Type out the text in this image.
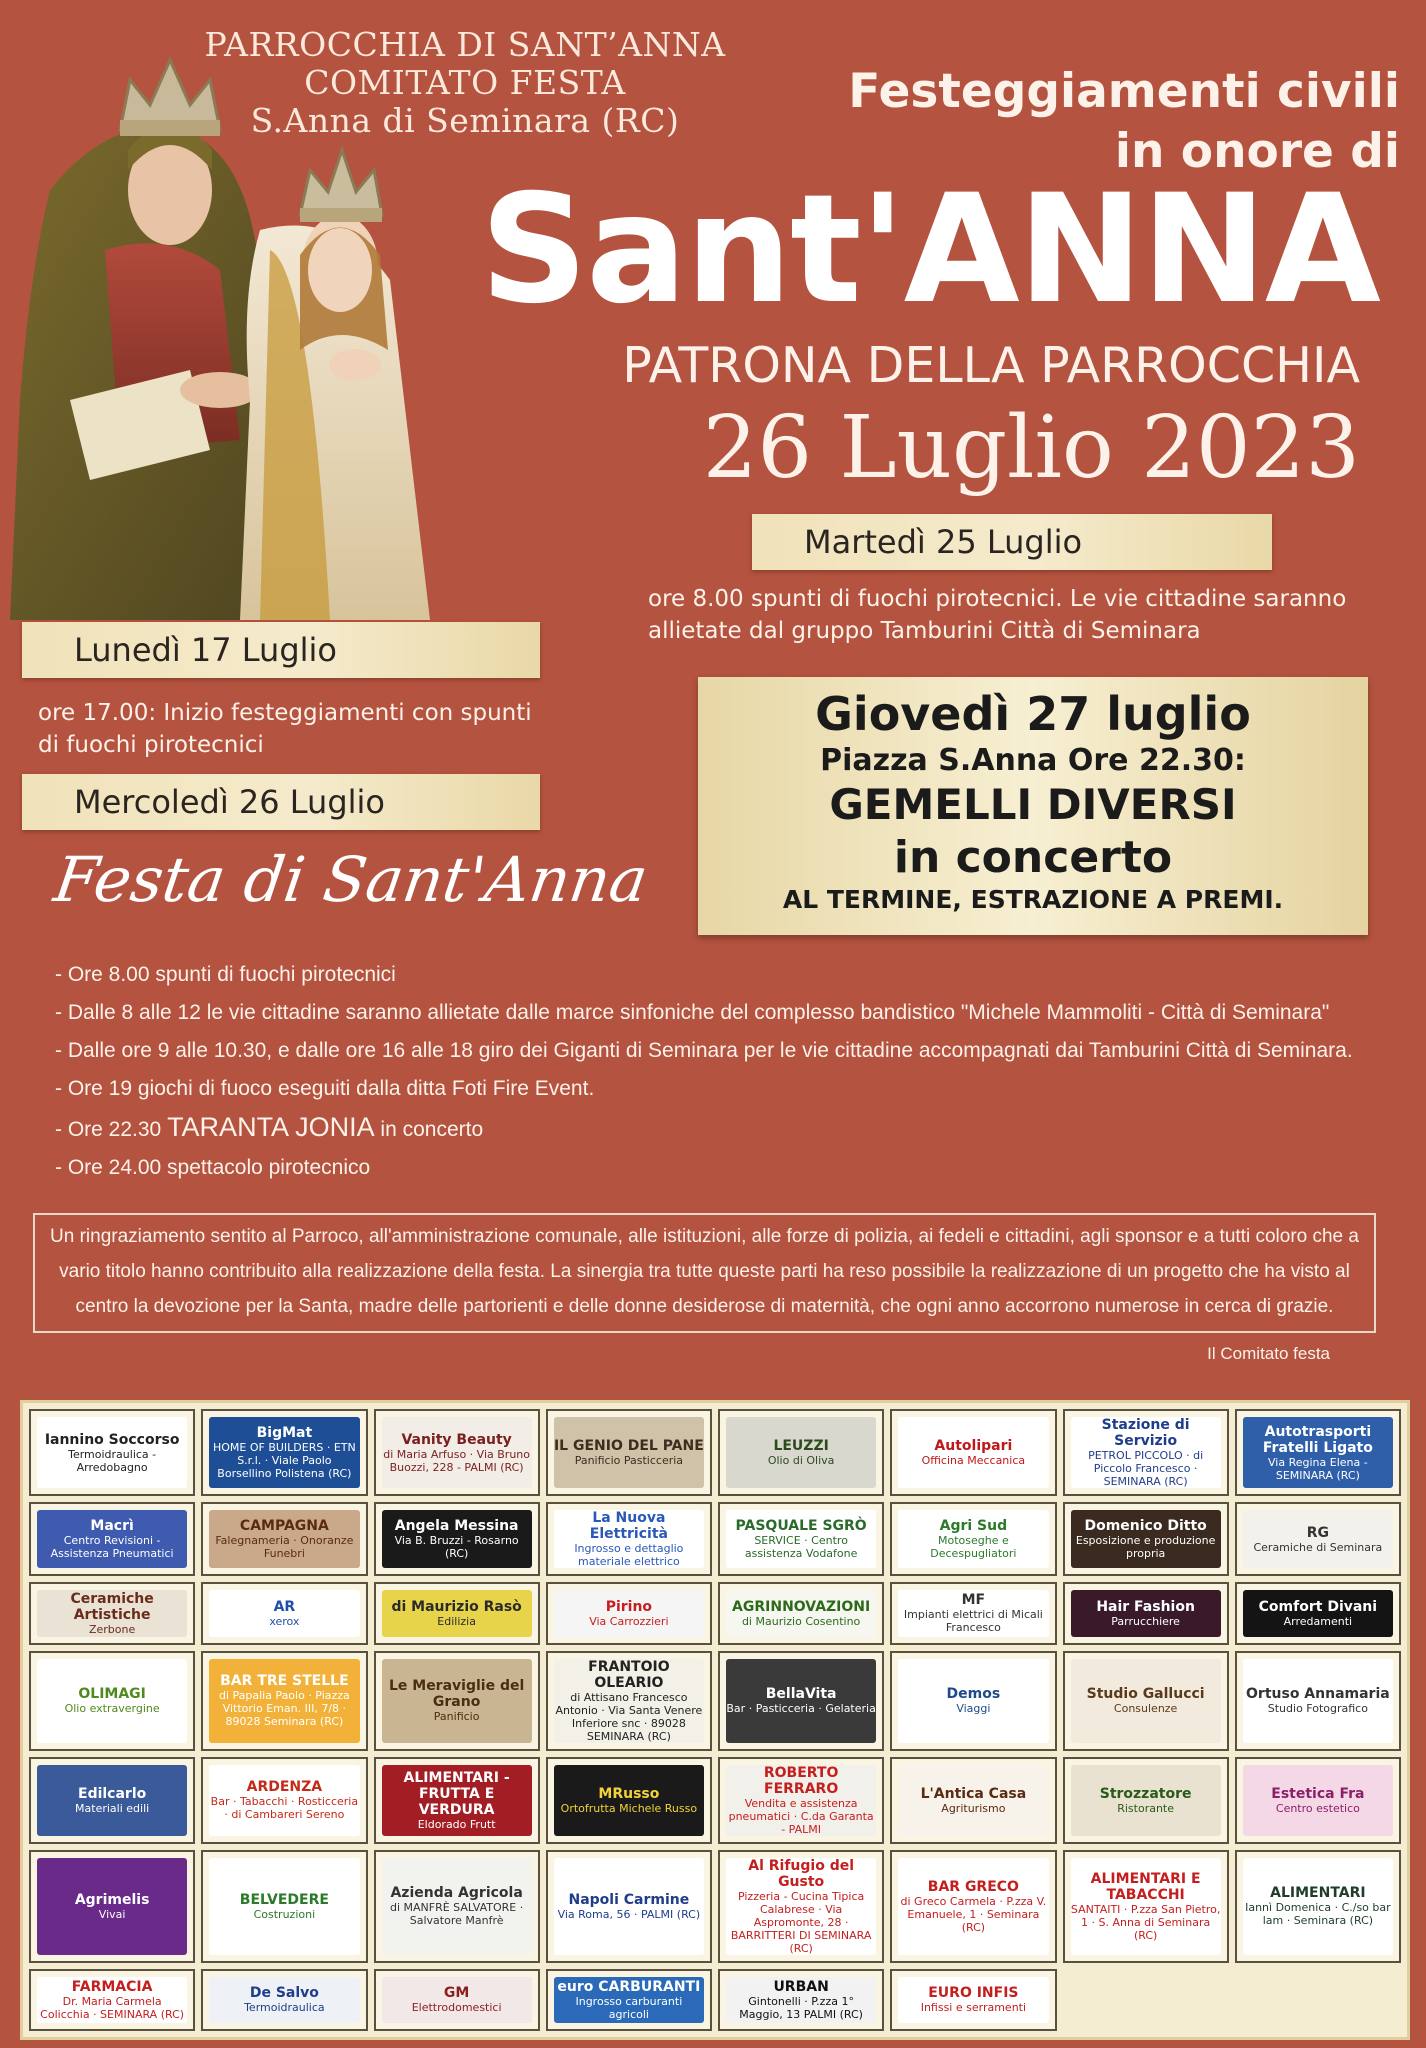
PARROCCHIA DI SANT’ANNA
COMITATO FESTA
S.Anna di Seminara (RC)
Festeggiamenti civili
in onore di
Sant'ANNA
PATRONA DELLA PARROCCHIA
26 Luglio 2023
Martedì 25 Luglio
ore 8.00 spunti di fuochi pirotecnici. Le vie cittadine saranno allietate dal gruppo Tamburini Città di Seminara
Lunedì 17 Luglio
ore 17.00: Inizio festeggiamenti con spunti di fuochi pirotecnici
Mercoledì 26 Luglio
Giovedì 27 luglio
Piazza S.Anna Ore 22.30:
GEMELLI DIVERSI
in concerto
AL TERMINE, ESTRAZIONE A PREMI.
Festa di Sant'Anna
- Ore 8.00 spunti di fuochi pirotecnici
- Dalle 8 alle 12 le vie cittadine saranno allietate dalle marce sinfoniche del complesso bandistico "Michele Mammoliti - Città di Seminara"
- Dalle ore 9 alle 10.30, e dalle ore 16 alle 18 giro dei Giganti di Seminara per le vie cittadine accompagnati dai Tamburini Città di Seminara.
- Ore 19 giochi di fuoco eseguiti dalla ditta Foti Fire Event.
- Ore 22.30 TARANTA JONIA in concerto
- Ore 24.00 spettacolo pirotecnico
Un ringraziamento sentito al Parroco, all'amministrazione comunale, alle istituzioni, alle forze di polizia, ai fedeli e cittadini, agli sponsor e a tutti coloro che a vario titolo hanno contribuito alla realizzazione della festa. La sinergia tra tutte queste parti ha reso possibile la realizzazione di un progetto che ha visto al centro la devozione per la Santa, madre delle partorienti e delle donne desiderose di maternità, che ogni anno accorrono numerose in cerca di grazie.
Il Comitato festa
Iannino Soccorso
Termoidraulica - Arredobagno
BigMat
HOME OF BUILDERS · ETN S.r.l. · Viale Paolo Borsellino Polistena (RC)
Vanity Beauty
di Maria Arfuso · Via Bruno Buozzi, 228 - PALMI (RC)
IL GENIO DEL PANE
Panificio Pasticceria
LEUZZI
Olio di Oliva
Autolipari
Officina Meccanica
Stazione di Servizio
PETROL PICCOLO · di Piccolo Francesco · SEMINARA (RC)
Autotrasporti Fratelli Ligato
Via Regina Elena - SEMINARA (RC)
Macrì
Centro Revisioni - Assistenza Pneumatici
CAMPAGNA
Falegnameria · Onoranze Funebri
Angela Messina
Via B. Bruzzi - Rosarno (RC)
La Nuova Elettricità
Ingrosso e dettaglio materiale elettrico
PASQUALE SGRÒ
SERVICE · Centro assistenza Vodafone
Agri Sud
Motoseghe e Decespugliatori
Domenico Ditto
Esposizione e produzione propria
RG
Ceramiche di Seminara
Ceramiche Artistiche
Zerbone
AR
xerox
di Maurizio Rasò
Edilizia
Pirino
Via Carrozzieri
AGRINNOVAZIONI
di Maurizio Cosentino
MF
Impianti elettrici di Micali Francesco
Hair Fashion
Parrucchiere
Comfort Divani
Arredamenti
OLIMAGI
Olio extravergine
BAR TRE STELLE
di Papalia Paolo · Piazza Vittorio Eman. III, 7/8 · 89028 Seminara (RC)
Le Meraviglie del Grano
Panificio
FRANTOIO OLEARIO
di Attisano Francesco Antonio · Via Santa Venere Inferiore snc · 89028 SEMINARA (RC)
BellaVita
Bar · Pasticceria · Gelateria
Demos
Viaggi
Studio Gallucci
Consulenze
Ortuso Annamaria
Studio Fotografico
Edilcarlo
Materiali edili
ARDENZA
Bar · Tabacchi · Rosticceria · di Cambareri Sereno
ALIMENTARI - FRUTTA E VERDURA
Eldorado Frutt
MRusso
Ortofrutta Michele Russo
ROBERTO FERRARO
Vendita e assistenza pneumatici · C.da Garanta - PALMI
L'Antica Casa
Agriturismo
Strozzatore
Ristorante
Estetica Fra
Centro estetico
Agrimelis
Vivai
BELVEDERE
Costruzioni
Azienda Agricola
di MANFRÈ SALVATORE · Salvatore Manfrè
Napoli Carmine
Via Roma, 56 · PALMI (RC)
Al Rifugio del Gusto
Pizzeria - Cucina Tipica Calabrese · Via Aspromonte, 28 · BARRITTERI DI SEMINARA (RC)
BAR GRECO
di Greco Carmela · P.zza V. Emanuele, 1 · Seminara (RC)
ALIMENTARI E TABACCHI
SANTAITI · P.zza San Pietro, 1 · S. Anna di Seminara (RC)
ALIMENTARI
Iannì Domenica · C./so bar lam · Seminara (RC)
FARMACIA
Dr. Maria Carmela Colicchia · SEMINARA (RC)
De Salvo
Termoidraulica
GM
Elettrodomestici
euro CARBURANTI
Ingrosso carburanti agricoli
URBAN
Gintonelli · P.zza 1° Maggio, 13 PALMI (RC)
EURO INFIS
Infissi e serramenti
